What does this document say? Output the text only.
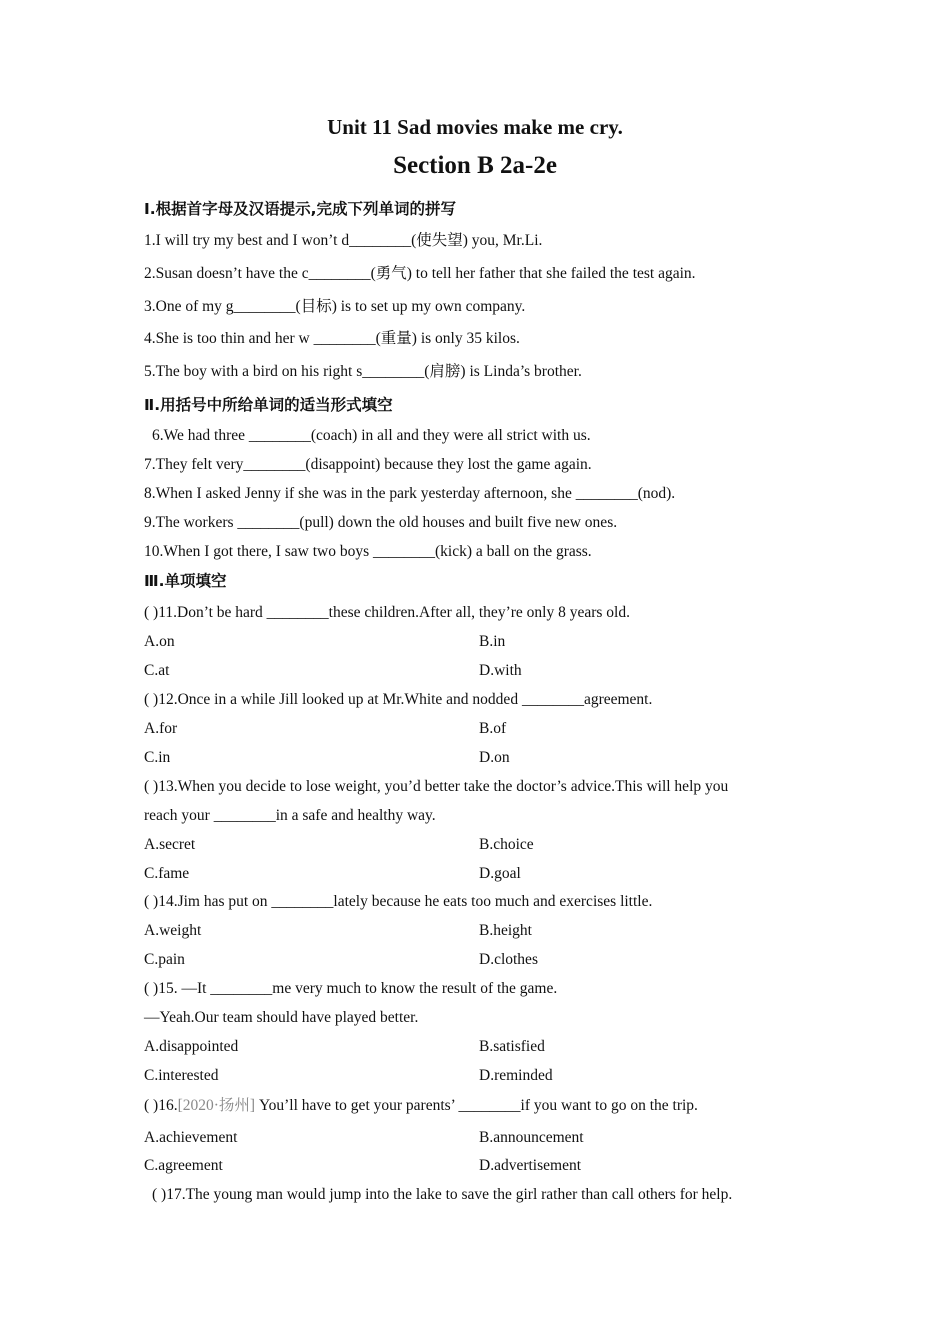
Unit 11 Sad movies make me cry.
Section B 2a-2e
Ⅰ.根据首字母及汉语提示,完成下列单词的拼写
1.I will try my best and I won’t d________(使失望) you, Mr.Li.
2.Susan doesn’t have the c________(勇气) to tell her father that she failed the test again.
3.One of my g________(目标) is to set up my own company.
4.She is too thin and her w ________(重量) is only 35 kilos.
5.The boy with a bird on his right s________(肩膀) is Linda’s brother.
Ⅱ.用括号中所给单词的适当形式填空
6.We had three ________(coach) in all and they were all strict with us.
7.They felt very________(disappoint) because they lost the game again.
8.When I asked Jenny if she was in the park yesterday afternoon, she ________(nod).
9.The workers ________(pull) down the old houses and built five new ones.
10.When I got there, I saw two boys ________(kick) a ball on the grass.
Ⅲ.单项填空
( )11.Don’t be hard ________these children.After all, they’re only 8 years old.
A.on	B.in
C.at	D.with
( )12.Once in a while Jill looked up at Mr.White and nodded ________agreement.
A.for	B.of
C.in	D.on
( )13.When you decide to lose weight, you’d better take the doctor’s advice.This will help you
reach your ________in a safe and healthy way.
A.secret	B.choice
C.fame	D.goal
( )14.Jim has put on ________lately because he eats too much and exercises little.
A.weight	B.height
C.pain	D.clothes
( )15. —It ________me very much to know the result of the game.
—Yeah.Our team should have played better.
A.disappointed	B.satisfied
C.interested	D.reminded
( )16.[2020·扬州] You’ll have to get your parents’ ________if you want to go on the trip.
A.achievement	B.announcement
C.agreement	D.advertisement
( )17.The young man would jump into the lake to save the girl rather than call others for help.
